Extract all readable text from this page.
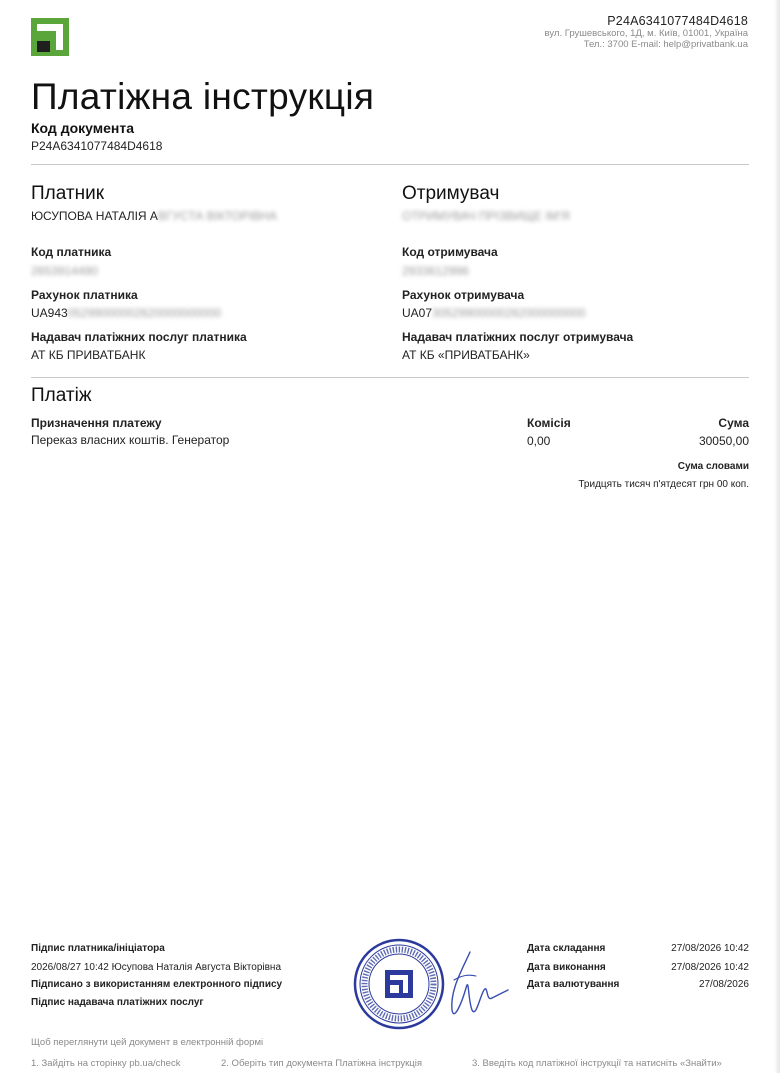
P24A6341077484D4618
вул. Грушевського, 1Д, м. Київ, 01001, Україна
Тел.: 3700 E-mail: help@privatbank.ua
Платіжна інструкція
Код документа
P24A6341077484D4618
Платник
ЮСУПОВА НАТАЛІЯ АВГУСТА ВІКТОРІВНА
Код платника
2653914490
Рахунок платника
UA94305299000002620000000000
Надавач платіжних послуг платника
АТ КБ ПРИВАТБАНК
Отримувач
ОТРИМУВАЧ ПРІЗВИЩЕ ІМ'Я
Код отримувача
2933612996
Рахунок отримувача
UA0730529900000262000000000
Надавач платіжних послуг отримувача
АТ КБ «ПРИВАТБАНК»
Платіж
Призначення платежу
Переказ власних коштів. Генератор
Комісія
0,00
Сума
30050,00
Сума словами
Тридцять тисяч п'ятдесят грн 00 коп.
Підпис платника/ініціатора
2026/08/27 10:42 Юсупова Наталія Августа Вікторівна
Підписано з використанням електронного підпису
Підпис надавача платіжних послуг
Дата складання	27/08/2026 10:42
Дата виконання	27/08/2026 10:42
Дата валютування	27/08/2026
Щоб переглянути цей документ в електронній формі
1. Зайдіть на сторінку pb.ua/check	2. Оберіть тип документа Платіжна інструкція	3. Введіть код платіжної інструкції та натисніть «Знайти»
